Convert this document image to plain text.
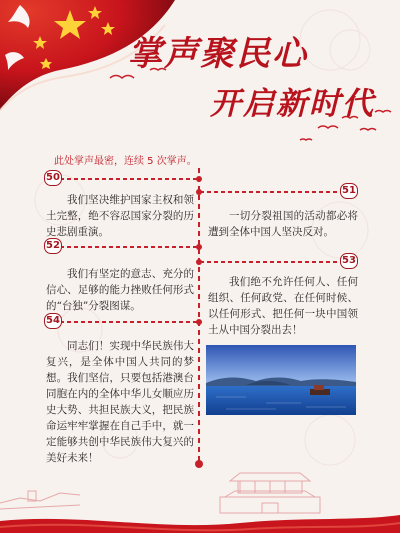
掌声聚民心
开启新时代
此处掌声最密，连续 5 次掌声。
50
我们坚决维护国家主权和领土完整，绝不容忍国家分裂的历史悲剧重演。
51
一切分裂祖国的活动都必将遭到全体中国人坚决反对。
52
我们有坚定的意志、充分的信心、足够的能力挫败任何形式的“台独”分裂图谋。
53
我们绝不允许任何人、任何组织、任何政党、在任何时候、以任何形式、把任何一块中国领土从中国分裂出去！
54
同志们！实现中华民族伟大复兴，是全体中国人共同的梦想。我们坚信，只要包括港澳台同胞在内的全体中华儿女顺应历史大势、共担民族大义，把民族命运牢牢掌握在自己手中，就一定能够共创中华民族伟大复兴的美好未来！
